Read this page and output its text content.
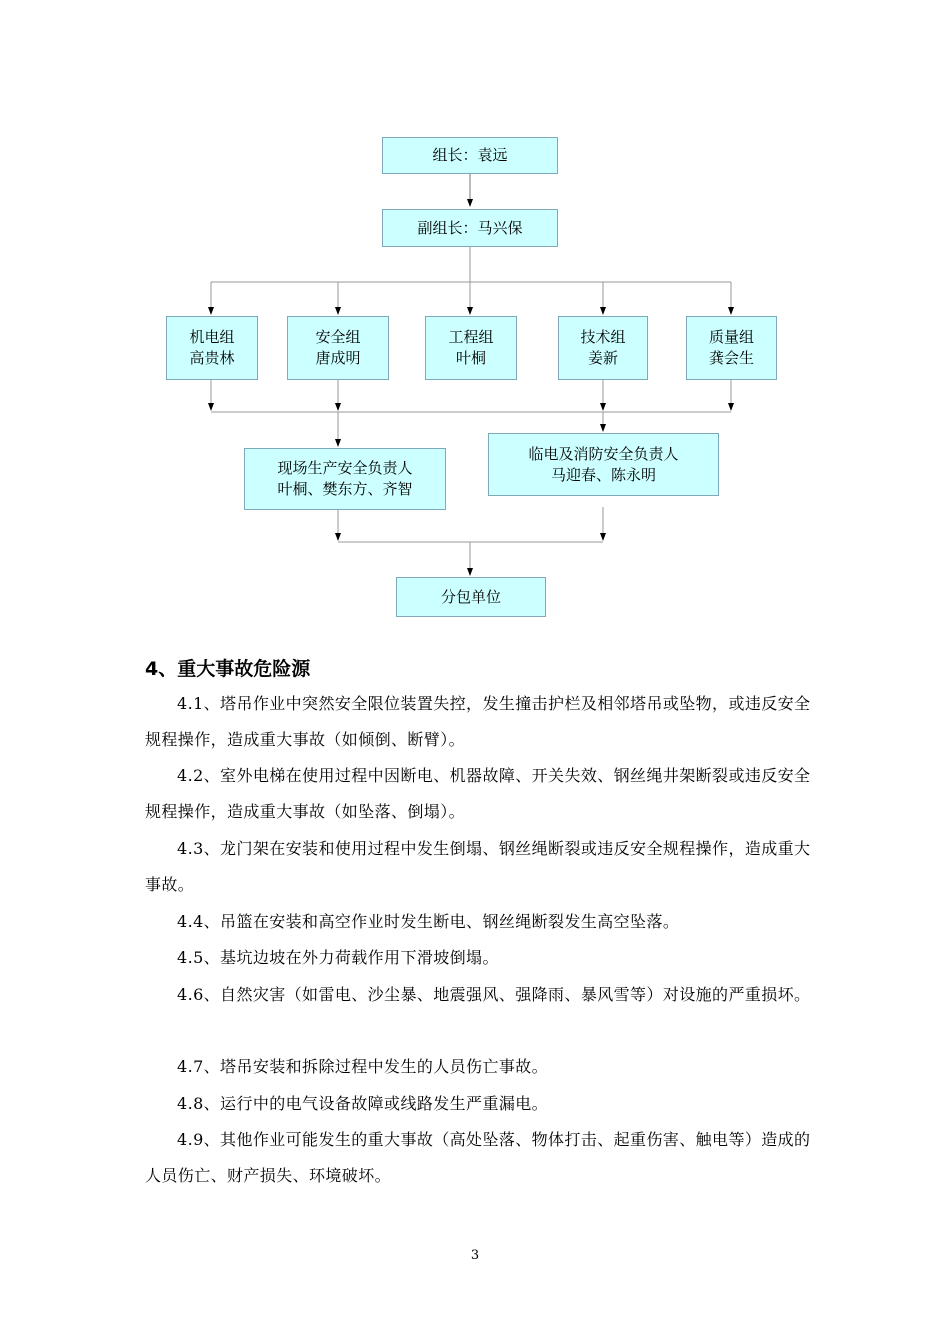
组长：袁远
副组长：马兴保
机电组
高贵林
安全组
唐成明
工程组
叶桐
技术组
姜新
质量组
龚会生
现场生产安全负责人
叶桐、樊东方、齐智
临电及消防安全负责人
马迎春、陈永明
分包单位
4、重大事故危险源
4.1、塔吊作业中突然安全限位装置失控，发生撞击护栏及相邻塔吊或坠物，或违反安全规程操作，造成重大事故（如倾倒、断臂）。
4.2、室外电梯在使用过程中因断电、机器故障、开关失效、钢丝绳井架断裂或违反安全规程操作，造成重大事故（如坠落、倒塌）。
4.3、龙门架在安装和使用过程中发生倒塌、钢丝绳断裂或违反安全规程操作，造成重大事故。
4.4、吊篮在安装和高空作业时发生断电、钢丝绳断裂发生高空坠落。
4.5、基坑边坡在外力荷载作用下滑坡倒塌。
4.6、自然灾害（如雷电、沙尘暴、地震强风、强降雨、暴风雪等）对设施的严重损坏。
4.7、塔吊安装和拆除过程中发生的人员伤亡事故。
4.8、运行中的电气设备故障或线路发生严重漏电。
4.9、其他作业可能发生的重大事故（高处坠落、物体打击、起重伤害、触电等）造成的人员伤亡、财产损失、环境破坏。
3
